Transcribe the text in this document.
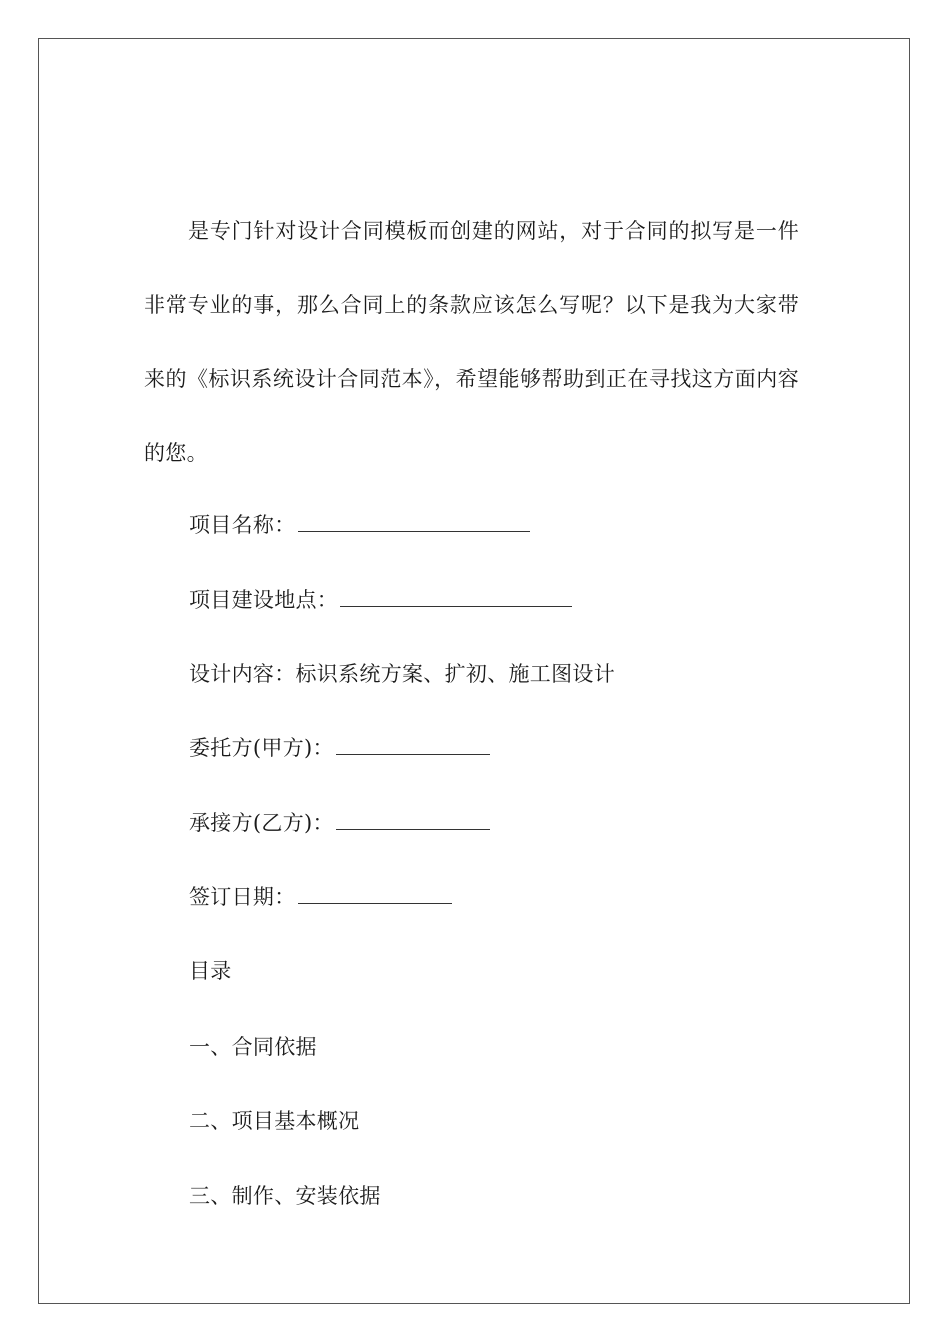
是专门针对设计合同模板而创建的网站，对于合同的拟写是一件非常专业的事，那么合同上的条款应该怎么写呢？以下是我为大家带来的《标识系统设计合同范本》，希望能够帮助到正在寻找这方面内容的您。

项目名称：

项目建设地点：

设计内容：标识系统方案、扩初、施工图设计

委托方(甲方)：

承接方(乙方)：

签订日期：

目录

一、合同依据

二、项目基本概况

三、制作、安装依据
